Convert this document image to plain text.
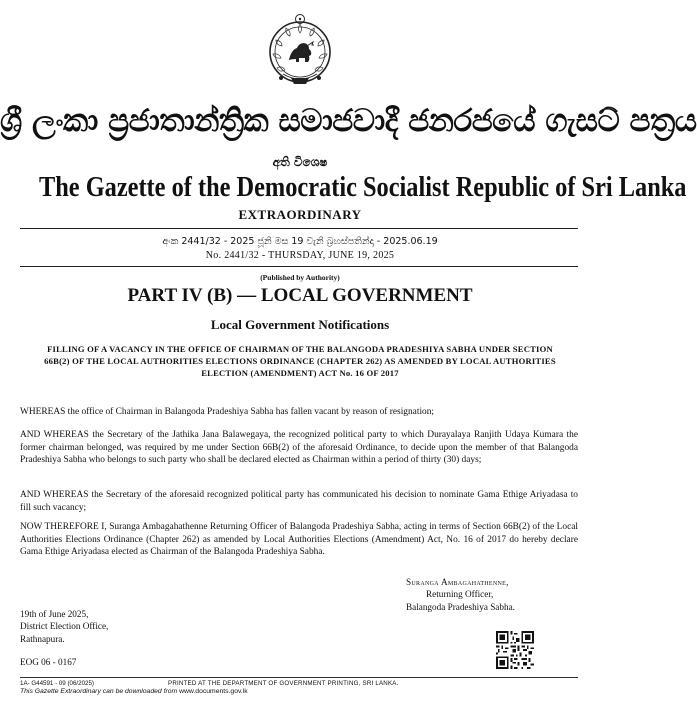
ශ්‍රී ලංකා ප්‍රජාතාන්ත්‍රික සමාජවාදී ජනරජයේ ගැසට් පත්‍රය
අති විශෙෂ
The Gazette of the Democratic Socialist Republic of Sri Lanka
EXTRAORDINARY
අංක 2441/32 - 2025 ජූනි මස 19 වැනි බ්‍රහස්පතින්දා - 2025.06.19
No. 2441/32 - THURSDAY, JUNE 19, 2025
(Published by Authority)
PART IV (B) — LOCAL GOVERNMENT
Local Government Notifications
FILLING OF A VACANCY IN THE OFFICE OF CHAIRMAN OF THE BALANGODA PRADESHIYA SABHA UNDER SECTION 66B(2) OF THE LOCAL AUTHORITIES ELECTIONS ORDINANCE (CHAPTER 262) AS AMENDED BY LOCAL AUTHORITIES ELECTION (AMENDMENT) ACT No. 16 OF 2017

WHEREAS the office of Chairman in Balangoda Pradeshiya Sabha has fallen vacant by reason of resignation;

AND WHEREAS the Secretary of the Jathika Jana Balawegaya, the recognized political party to which Durayalaya Ranjith Udaya Kumara the former chairman belonged, was required by me under Section 66B(2) of the aforesaid Ordinance, to decide upon the member of that Balangoda Pradeshiya Sabha who belongs to such party who shall be declared elected as Chairman within a period of thirty (30) days;

AND WHEREAS the Secretary of the aforesaid recognized political party has communicated his decision to nominate Gama Ethige Ariyadasa to fill such vacancy;

NOW THEREFORE I, Suranga Ambagahathenne Returning Officer of Balangoda Pradeshiya Sabha, acting in terms of Section 66B(2) of the Local Authorities Elections Ordinance (Chapter 262) as amended by Local Authorities Elections (Amendment) Act, No. 16 of 2017 do hereby declare Gama Ethige Ariyadasa elected as Chairman of the Balangoda Pradeshiya Sabha.

Suranga Ambagahathenne,
Returning Officer,
Balangoda Pradeshiya Sabha.
19th of June 2025,
District Election Office,
Rathnapura.
EOG 06 - 0167
1A- G44591 - 09 (06/2025)	PRINTED AT THE DEPARTMENT OF GOVERNMENT PRINTING, SRI LANKA.
This Gazette Extraordinary can be downloaded from www.documents.gov.lk
